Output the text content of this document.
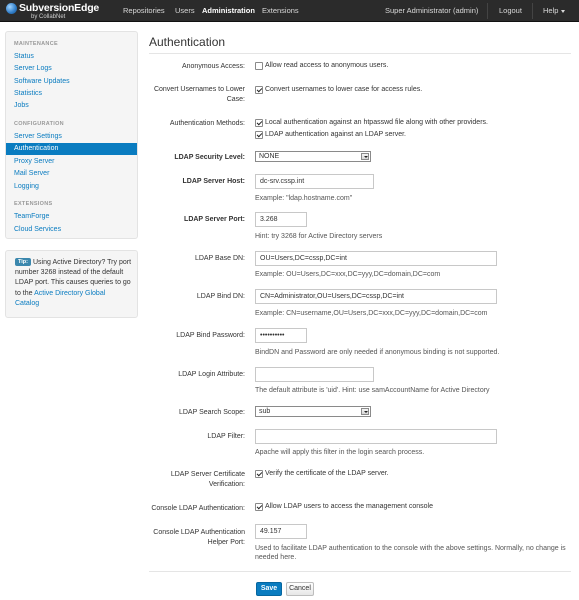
SubversionEdge
by CollabNet
Repositories Users Administration Extensions	Super Administrator (admin)	Logout	Help
MAINTENANCE
Status
Server Logs
Software Updates
Statistics
Jobs
CONFIGURATION
Server Settings
Authentication
Proxy Server
Mail Server
Logging
EXTENSIONS
TeamForge
Cloud Services
Tip: Using Active Directory? Try port number 3268 instead of the default LDAP port. This causes queries to go to the Active Directory Global Catalog
Authentication
Anonymous Access:	Allow read access to anonymous users.
Convert Usernames to Lower Case:
Convert usernames to lower case for access rules.
Authentication Methods:	Local authentication against an htpasswd file along with other providers.
LDAP authentication against an LDAP server.
LDAP Security Level:	NONE
LDAP Server Host:	dc-srv.cssp.int
Example: "ldap.hostname.com"
LDAP Server Port:	3.268
Hint: try 3268 for Active Directory servers
LDAP Base DN:	OU=Users,DC=cssp,DC=int
Example: OU=Users,DC=xxx,DC=yyy,DC=domain,DC=com
LDAP Bind DN:	CN=Administrator,OU=Users,DC=cssp,DC=int
Example: CN=username,OU=Users,DC=xxx,DC=yyy,DC=domain,DC=com
LDAP Bind Password:	••••••••••
BindDN and Password are only needed if anonymous binding is not supported.
LDAP Login Attribute:
The default attribute is 'uid'. Hint: use samAccountName for Active Directory
LDAP Search Scope:	sub
LDAP Filter:
Apache will apply this filter in the login search process.
LDAP Server Certificate Verification:
Verify the certificate of the LDAP server.
Console LDAP Authentication:	Allow LDAP users to access the management console
Console LDAP Authentication Helper Port:
49.157
Used to facilitate LDAP authentication to the console with the above settings. Normally, no change is
needed here.
Save	Cancel
